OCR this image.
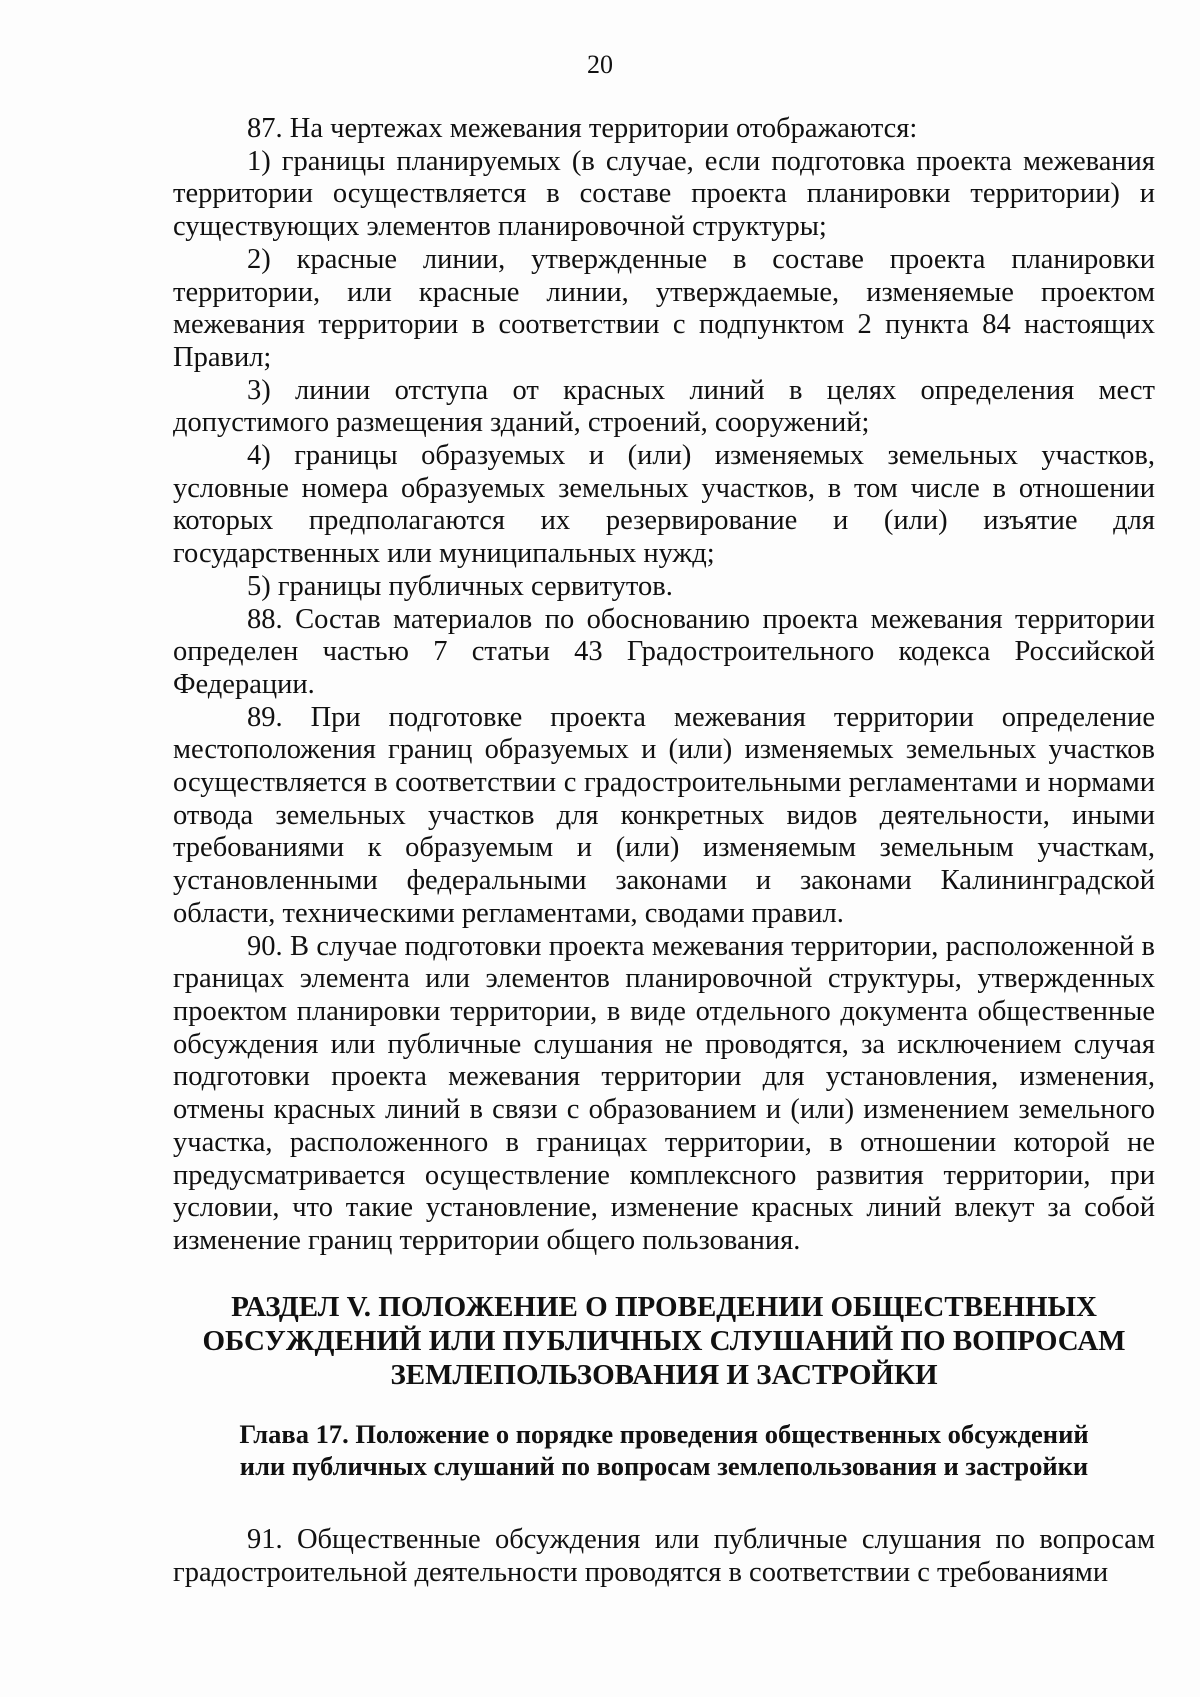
20

87. На чертежах межевания территории отображаются:

1) границы планируемых (в случае, если подготовка проекта межевания территории осуществляется в составе проекта планировки территории) и существующих элементов планировочной структуры;

2) красные линии, утвержденные в составе проекта планировки территории, или красные линии, утверждаемые, изменяемые проектом межевания территории в соответствии с подпунктом 2 пункта 84 настоящих Правил;

3) линии отступа от красных линий в целях определения мест допустимого размещения зданий, строений, сооружений;

4) границы образуемых и (или) изменяемых земельных участков, условные номера образуемых земельных участков, в том числе в отношении которых предполагаются их резервирование и (или) изъятие для государственных или муниципальных нужд;

5) границы публичных сервитутов.

88. Состав материалов по обоснованию проекта межевания территории определен частью 7 статьи 43 Градостроительного кодекса Российской Федерации.

89. При подготовке проекта межевания территории определение местоположения границ образуемых и (или) изменяемых земельных участков осуществляется в соответствии с градостроительными регламентами и нормами отвода земельных участков для конкретных видов деятельности, иными требованиями к образуемым и (или) изменяемым земельным участкам, установленными федеральными законами и законами Калининградской области, техническими регламентами, сводами правил.

90. В случае подготовки проекта межевания территории, расположенной в границах элемента или элементов планировочной структуры, утвержденных проектом планировки территории, в виде отдельного документа общественные обсуждения или публичные слушания не проводятся, за исключением случая подготовки проекта межевания территории для установления, изменения, отмены красных линий в связи с образованием и (или) изменением земельного участка, расположенного в границах территории, в отношении которой не предусматривается осуществление комплексного развития территории, при условии, что такие установление, изменение красных линий влекут за собой изменение границ территории общего пользования.

РАЗДЕЛ V. ПОЛОЖЕНИЕ О ПРОВЕДЕНИИ ОБЩЕСТВЕННЫХ
ОБСУЖДЕНИЙ ИЛИ ПУБЛИЧНЫХ СЛУШАНИЙ ПО ВОПРОСАМ
ЗЕМЛЕПОЛЬЗОВАНИЯ И ЗАСТРОЙКИ
Глава 17. Положение о порядке проведения общественных обсуждений
или публичных слушаний по вопросам землепользования и застройки

91. Общественные обсуждения или публичные слушания по вопросам градостроительной деятельности проводятся в соответствии с требованиями
